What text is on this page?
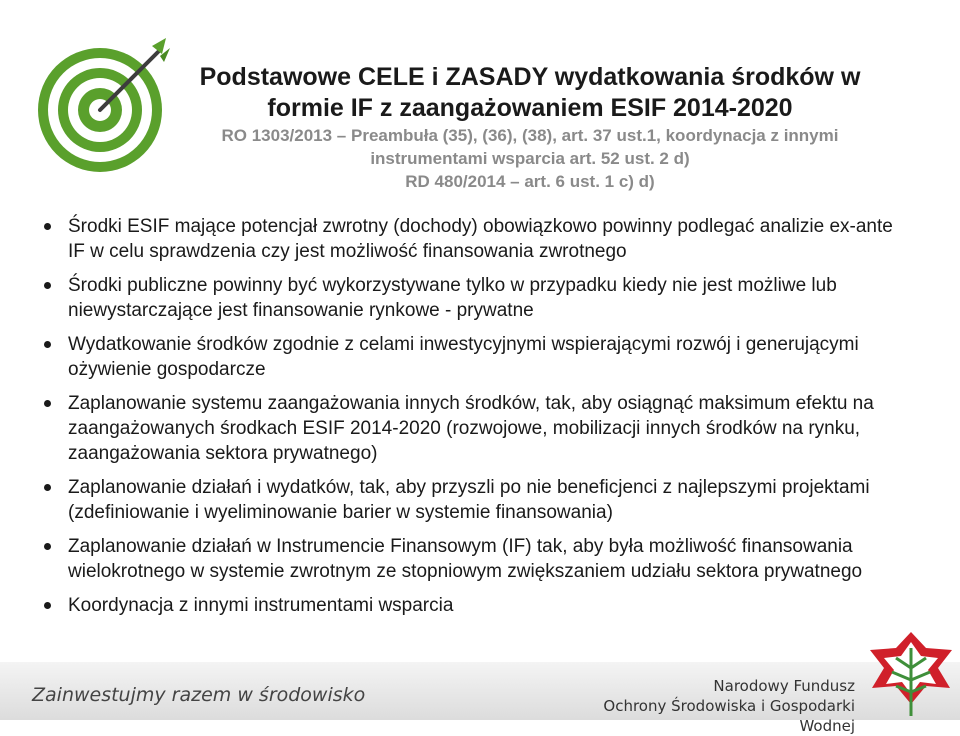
Podstawowe CELE i ZASADY wydatkowania środków w
formie IF z zaangażowaniem ESIF 2014-2020
RO 1303/2013 – Preambuła (35), (36), (38), art. 37 ust.1, koordynacja z innymi
instrumentami wsparcia art. 52 ust. 2 d)
RD 480/2014 – art. 6 ust. 1 c) d)
Środki ESIF mające potencjał zwrotny (dochody) obowiązkowo powinny podlegać analizie ex-ante IF w celu sprawdzenia czy jest możliwość finansowania zwrotnego
Środki publiczne powinny być wykorzystywane tylko w przypadku kiedy nie jest możliwe lub niewystarczające jest finansowanie rynkowe - prywatne
Wydatkowanie środków zgodnie z celami inwestycyjnymi wspierającymi rozwój i generującymi ożywienie gospodarcze
Zaplanowanie systemu zaangażowania innych środków, tak, aby osiągnąć maksimum efektu na zaangażowanych środkach ESIF 2014-2020 (rozwojowe, mobilizacji innych środków na rynku, zaangażowania sektora prywatnego)
Zaplanowanie działań i wydatków, tak, aby przyszli po nie beneficjenci z najlepszymi projektami (zdefiniowanie i wyeliminowanie barier w systemie finansowania)
Zaplanowanie działań w Instrumencie Finansowym (IF) tak, aby była możliwość finansowania wielokrotnego w systemie zwrotnym ze stopniowym zwiększaniem udziału sektora prywatnego
Koordynacja z innymi instrumentami wsparcia
Zainwestujmy razem w środowisko	Narodowy Fundusz
Ochrony Środowiska i Gospodarki Wodnej
